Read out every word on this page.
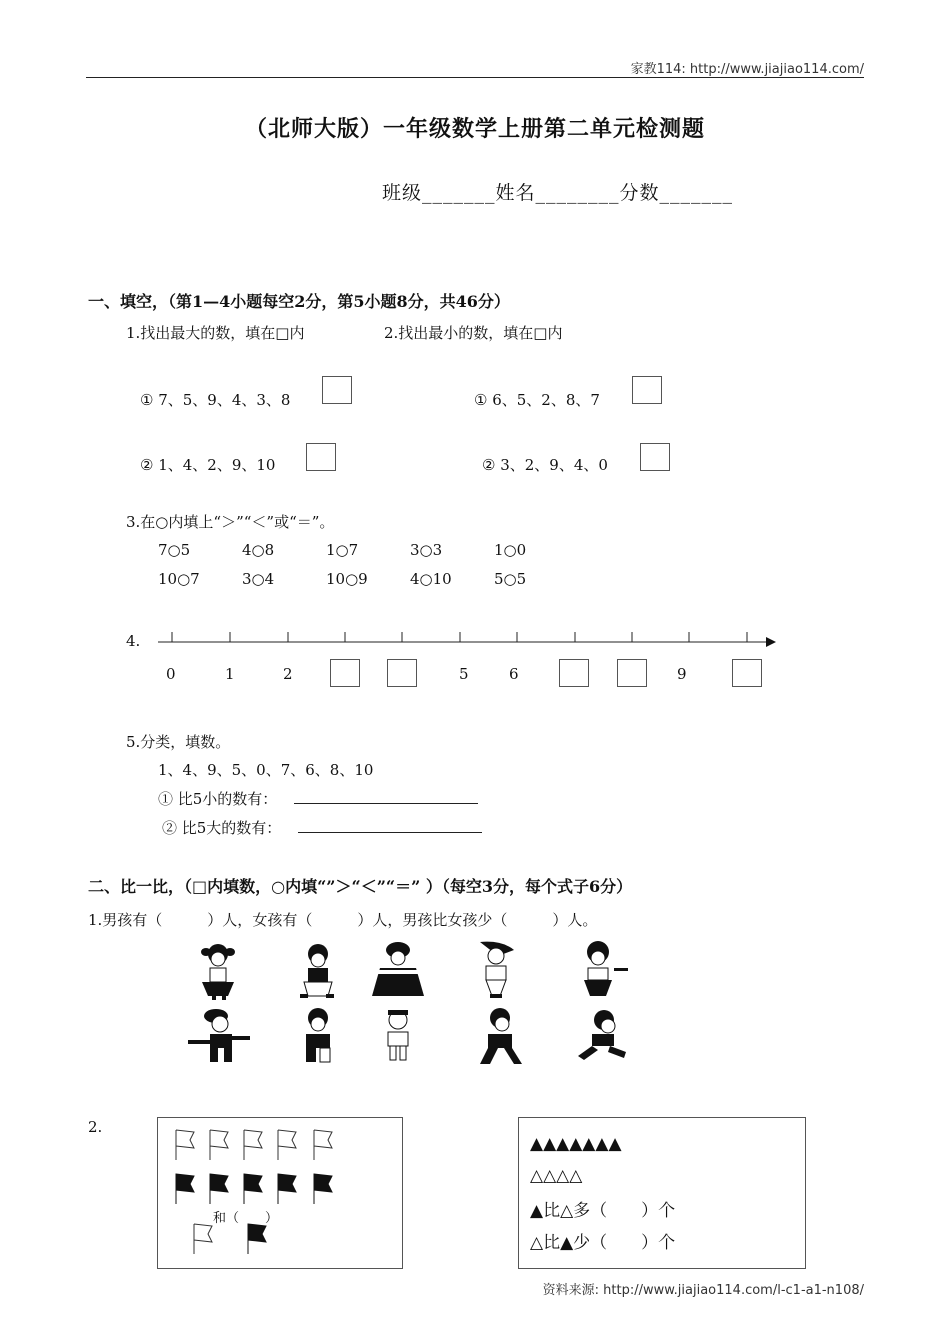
家教114: http://www.jiajiao114.com/
（北师大版）一年级数学上册第二单元检测题
班级_______姓名________分数_______
一、填空，（第1—4小题每空2分，第5小题8分，共46分）
1.找出最大的数，填在□内	2.找出最小的数，填在□内
① 7、5、9、4、3、8	① 6、5、2、8、7
② 1、4、2、9、10	② 3、2、9、4、0
3.在○内填上“＞”“＜”或“＝”。
7○5	4○8	1○7	3○3	1○0
10○7	3○4	10○9	4○10	5○5
4.
0	1	2	5	6	9
5.分类，填数。
1、4、9、5、0、7、6、8、10
① 比5小的数有：
② 比5大的数有：
二、比一比，（□内填数，○内填“”＞“＜”“＝” ）（每空3分，每个式子6分）
1.男孩有（　　　）人，女孩有（　　　）人，男孩比女孩少（　　　）人。
2.
和（　　）
▲▲▲▲▲▲▲
△△△△
▲比△多（　　）个
△比▲少（　　）个
资料来源: http://www.jiajiao114.com/l-c1-a1-n108/
